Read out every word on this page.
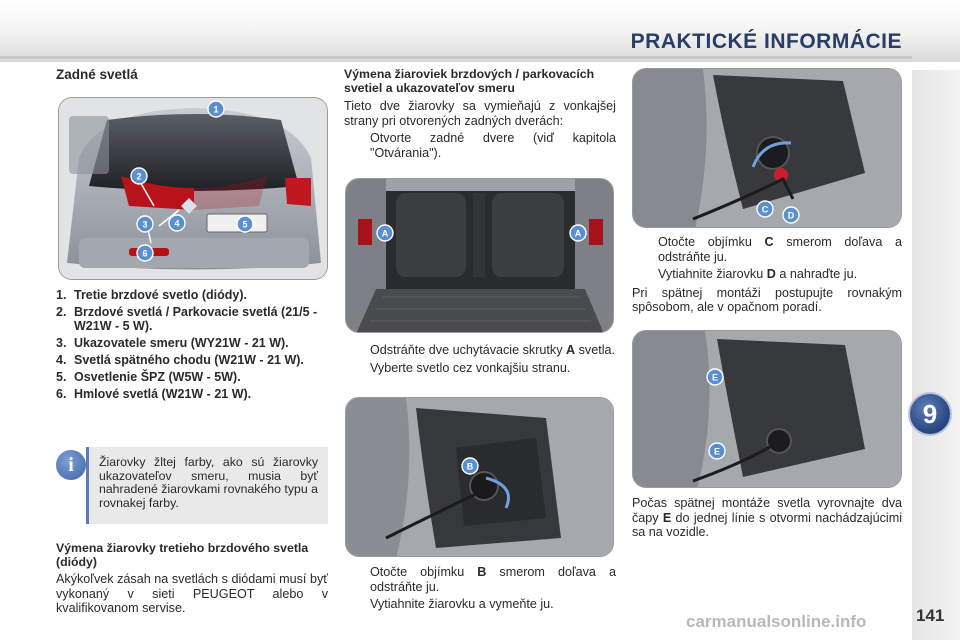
PRAKTICKÉ INFORMÁCIE
9
141
carmanualsonline.info
Zadné svetlá
1
2
3	4	5
6
1. Tretie brzdové svetlo (diódy).
2. Brzdové svetlá / Parkovacie svetlá (21/5 - W21W - 5 W).
3. Ukazovatele smeru (WY21W - 21 W).
4. Svetlá spätného chodu (W21W - 21 W).
5. Osvetlenie ŠPZ (W5W - 5W).
6. Hmlové svetlá (W21W - 21 W).
i	Žiarovky žltej farby, ako sú žiarovky ukazovateľov smeru, musia byť nahradené žiarovkami rovnakého typu a rovnakej farby.
Výmena žiarovky tretieho brzdového svetla (diódy)
Akýkoľvek zásah na svetlách s diódami musí byť vykonaný v sieti PEUGEOT alebo v kvalifikovanom servise.
Výmena žiaroviek brzdových / parkovacích svetiel a ukazovateľov smeru
Tieto dve žiarovky sa vymieňajú z vonkajšej strany pri otvorených zadných dverách:
Otvorte zadné dvere (viď kapitola "Otvárania").
A	A
Odstráňte dve uchytávacie skrutky A svetla.
Vyberte svetlo cez vonkajšiu stranu.
B
Otočte objímku B smerom doľava a odstráňte ju.
Vytiahnite žiarovku a vymeňte ju.
C
D
Otočte objímku C smerom doľava a odstráňte ju.
Vytiahnite žiarovku D a nahraďte ju.
Pri spätnej montáži postupujte rovnakým spôsobom, ale v opačnom poradí.
E
E
Počas spätnej montáže svetla vyrovnajte dva čapy E do jednej línie s otvormi nachádzajúcimi sa na vozidle.
